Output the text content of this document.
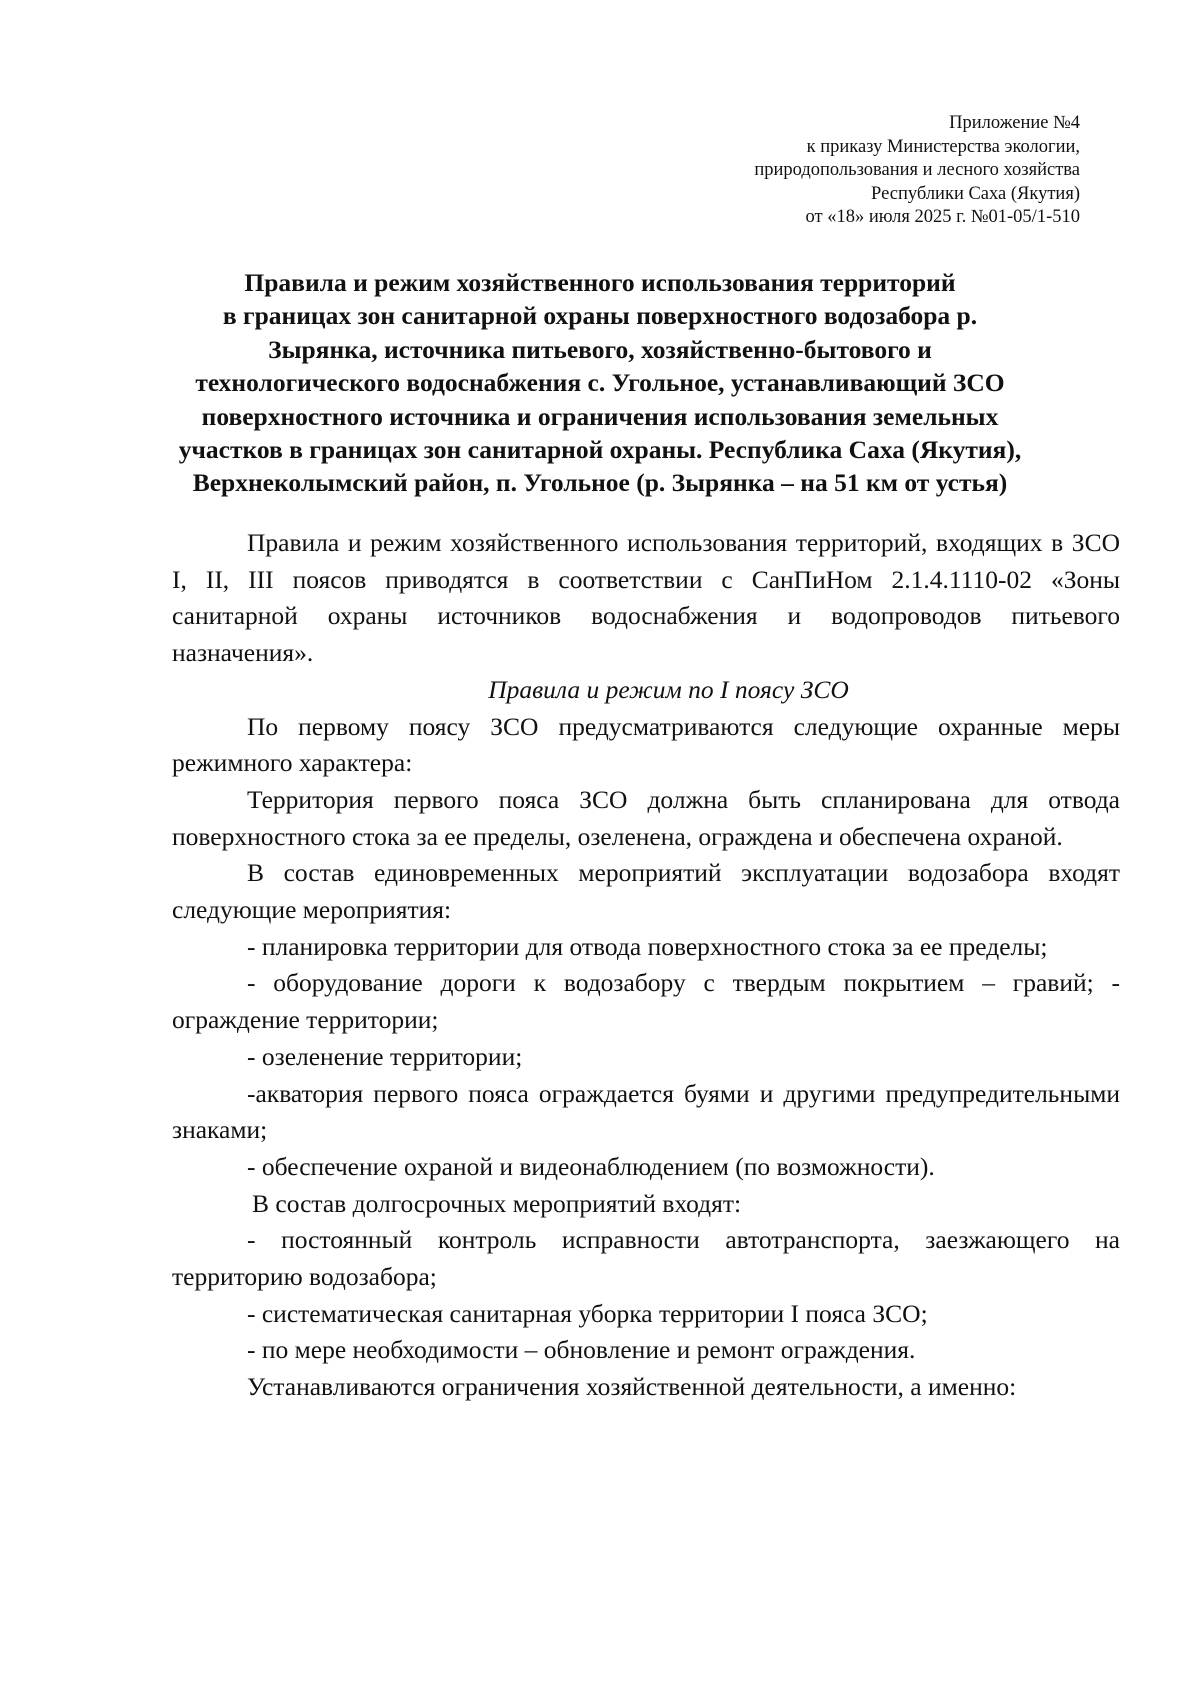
Приложение №4
к приказу Министерства экологии,
природопользования и лесного хозяйства
Республики Саха (Якутия)
от «18» июля 2025 г. №01-05/1-510
Правила и режим хозяйственного использования территорий
в границах зон санитарной охраны поверхностного водозабора р.
Зырянка, источника питьевого, хозяйственно-бытового и
технологического водоснабжения с. Угольное, устанавливающий ЗСО
поверхностного источника и ограничения использования земельных
участков в границах зон санитарной охраны. Республика Саха (Якутия),
Верхнеколымский район, п. Угольное (р. Зырянка – на 51 км от устья)

Правила и режим хозяйственного использования территорий, входящих в ЗСО I, II, III поясов приводятся в соответствии с СанПиНом 2.1.4.1110-02 «Зоны санитарной охраны источников водоснабжения и водопроводов питьевого назначения».

Правила и режим по I поясу ЗСО

По первому поясу ЗСО предусматриваются следующие охранные меры режимного характера:

Территория первого пояса ЗСО должна быть спланирована для отвода поверхностного стока за ее пределы, озеленена, ограждена и обеспечена охраной.

В состав единовременных мероприятий эксплуатации водозабора входят следующие мероприятия:

- планировка территории для отвода поверхностного стока за ее пределы;

- оборудование дороги к водозабору с твердым покрытием – гравий; - ограждение территории;

- озеленение территории;

-акватория первого пояса ограждается буями и другими предупредительными знаками;

- обеспечение охраной и видеонаблюдением (по возможности).

В состав долгосрочных мероприятий входят:

- постоянный контроль исправности автотранспорта, заезжающего на территорию водозабора;

- систематическая санитарная уборка территории I пояса ЗСО;

- по мере необходимости – обновление и ремонт ограждения.

Устанавливаются ограничения хозяйственной деятельности, а именно:
